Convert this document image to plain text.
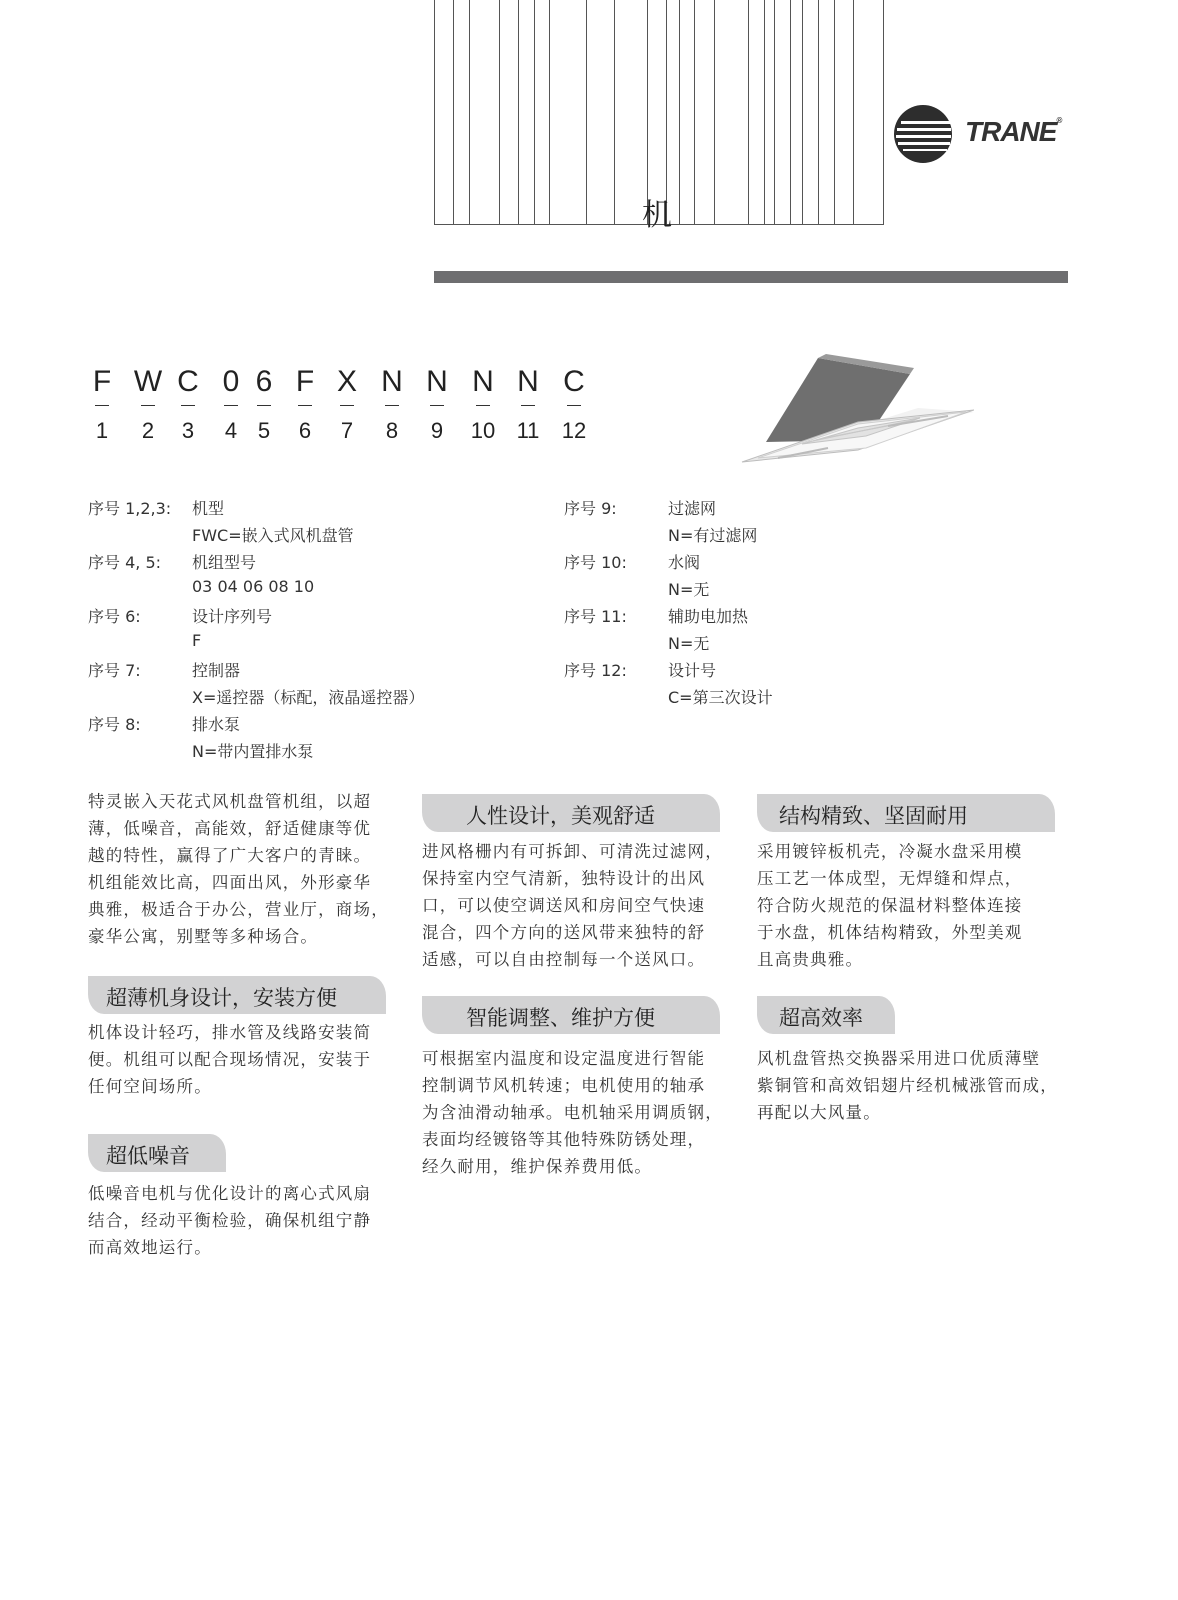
机
TRANE®
F W C 0 6 F X N N N N C
1	2	3	4 5	6	7	8	9	10 11	12
序号 1,2,3: 机型
FWC=嵌入式风机盘管
序号 4, 5: 机组型号
03 04 06 08 10
序号 6:	设计序列号
F
序号 7:	控制器
X=遥控器（标配，液晶遥控器）
序号 8:	排水泵
N=带内置排水泵
序号 9:	过滤网
N=有过滤网
序号 10:	水阀
N=无
序号 11:	辅助电加热
N=无
序号 12:	设计号
C=第三次设计
特灵嵌入天花式风机盘管机组，以超
薄，低噪音，高能效，舒适健康等优
越的特性，赢得了广大客户的青睐。
机组能效比高，四面出风，外形豪华
典雅，极适合于办公，营业厅，商场，
豪华公寓，别墅等多种场合。
超薄机身设计，安装方便
机体设计轻巧，排水管及线路安装简
便。机组可以配合现场情况，安装于
任何空间场所。
超低噪音
低噪音电机与优化设计的离心式风扇
结合，经动平衡检验，确保机组宁静
而高效地运行。
人性设计，美观舒适
进风格栅内有可拆卸、可清洗过滤网，
保持室内空气清新，独特设计的出风
口，可以使空调送风和房间空气快速
混合，四个方向的送风带来独特的舒
适感，可以自由控制每一个送风口。
智能调整、维护方便
可根据室内温度和设定温度进行智能
控制调节风机转速；电机使用的轴承
为含油滑动轴承。电机轴采用调质钢，
表面均经镀铬等其他特殊防锈处理，
经久耐用，维护保养费用低。
结构精致、坚固耐用
采用镀锌板机壳，冷凝水盘采用模
压工艺一体成型，无焊缝和焊点，
符合防火规范的保温材料整体连接
于水盘，机体结构精致，外型美观
且高贵典雅。
超高效率
风机盘管热交换器采用进口优质薄壁
紫铜管和高效铝翅片经机械涨管而成，
再配以大风量。
